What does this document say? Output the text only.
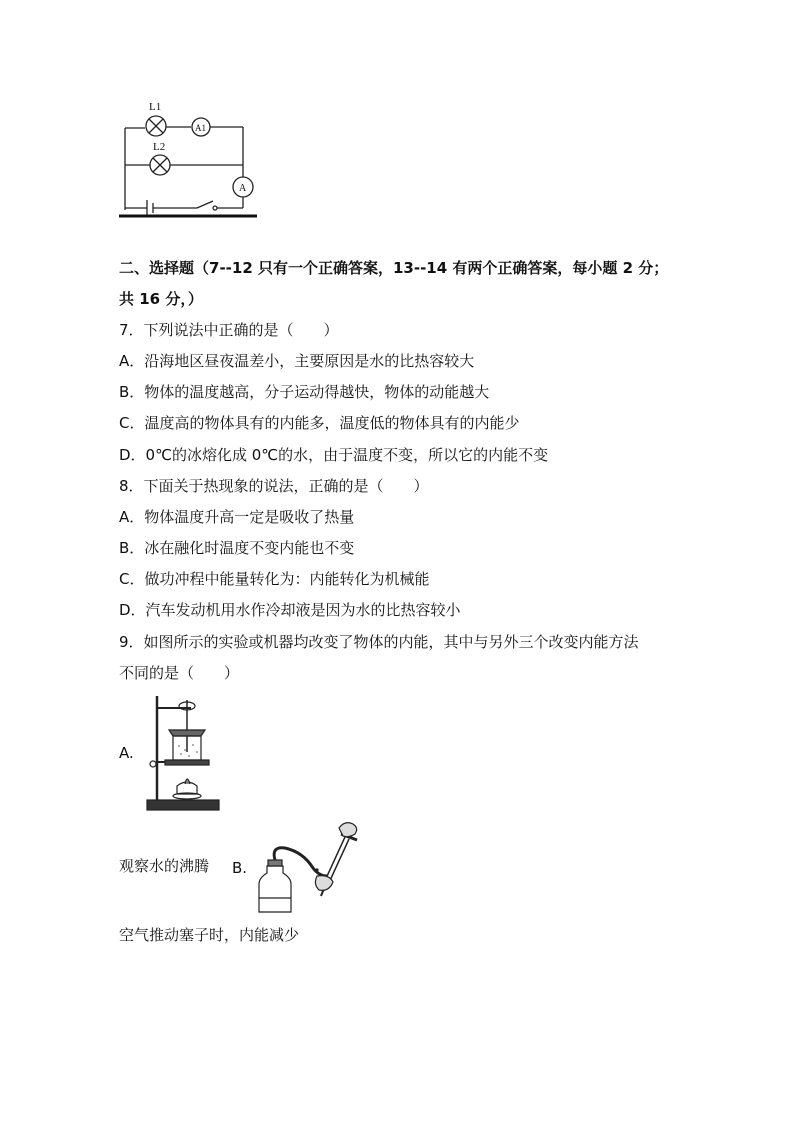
L1
L2
A1
A
二、选择题（7--12 只有一个正确答案，13--14 有两个正确答案，每小题 2 分；
共 16 分，）
7．下列说法中正确的是（　　）
A．沿海地区昼夜温差小，主要原因是水的比热容较大
B．物体的温度越高，分子运动得越快，物体的动能越大
C．温度高的物体具有的内能多，温度低的物体具有的内能少
D．0℃的冰熔化成 0℃的水，由于温度不变，所以它的内能不变
8．下面关于热现象的说法，正确的是（　　）
A．物体温度升高一定是吸收了热量
B．冰在融化时温度不变内能也不变
C．做功冲程中能量转化为：内能转化为机械能
D．汽车发动机用水作冷却液是因为水的比热容较小
9．如图所示的实验或机器均改变了物体的内能，其中与另外三个改变内能方法
不同的是（　　）
A.
观察水的沸腾 B.
空气推动塞子时，内能减少
